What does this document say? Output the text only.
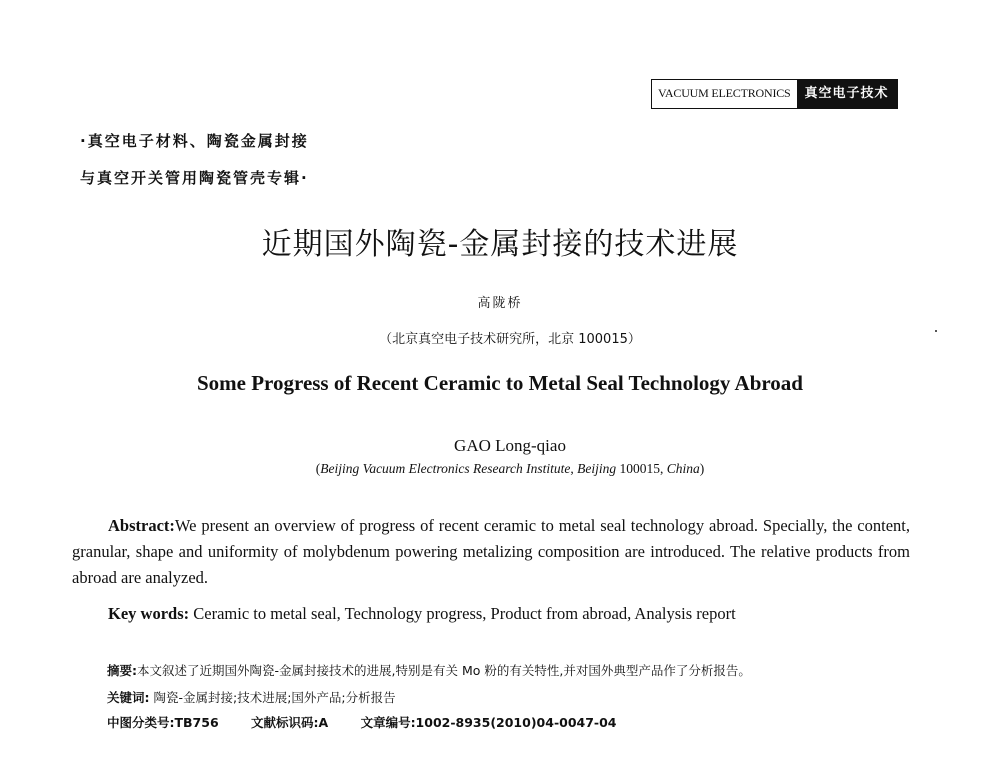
VACUUM ELECTRONICS	真空电子技术
·真空电子材料、陶瓷金属封接
与真空开关管用陶瓷管壳专辑·
近期国外陶瓷-金属封接的技术进展
高陇桥
（北京真空电子技术研究所，北京 100015）
Some Progress of Recent Ceramic to Metal Seal Technology Abroad
GAO Long-qiao
(Beijing Vacuum Electronics Research Institute, Beijing 100015, China)
Abstract:We present an overview of progress of recent ceramic to metal seal technology abroad. Specially, the content, granular, shape and uniformity of molybdenum powering metalizing composition are introduced. The relative products from abroad are analyzed.
Key words: Ceramic to metal seal, Technology progress, Product from abroad, Analysis report
摘要:本文叙述了近期国外陶瓷-金属封接技术的进展,特别是有关 Mo 粉的有关特性,并对国外典型产品作了分析报告。
关键词: 陶瓷-金属封接;技术进展;国外产品;分析报告
中图分类号:TB756	文献标识码:A	文章编号:1002-8935(2010)04-0047-04
